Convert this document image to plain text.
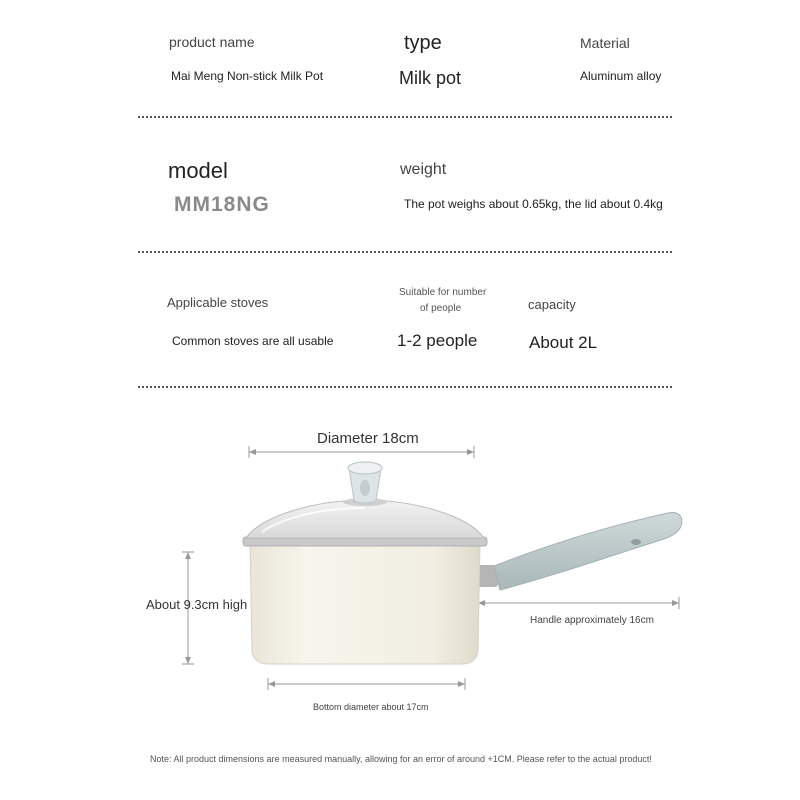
product name
Mai Meng Non-stick Milk Pot
type
Milk pot
Material
Aluminum alloy
model
MM18NG
weight
The pot weighs about 0.65kg, the lid about 0.4kg
Applicable stoves
Common stoves are all usable
Suitable for number
of people
1-2 people
capacity
About 2L
Diameter 18cm
About 9.3cm high
Handle approximately 16cm
Bottom diameter about 17cm
Note: All product dimensions are measured manually, allowing for an error of around +1CM. Please refer to the actual product!
